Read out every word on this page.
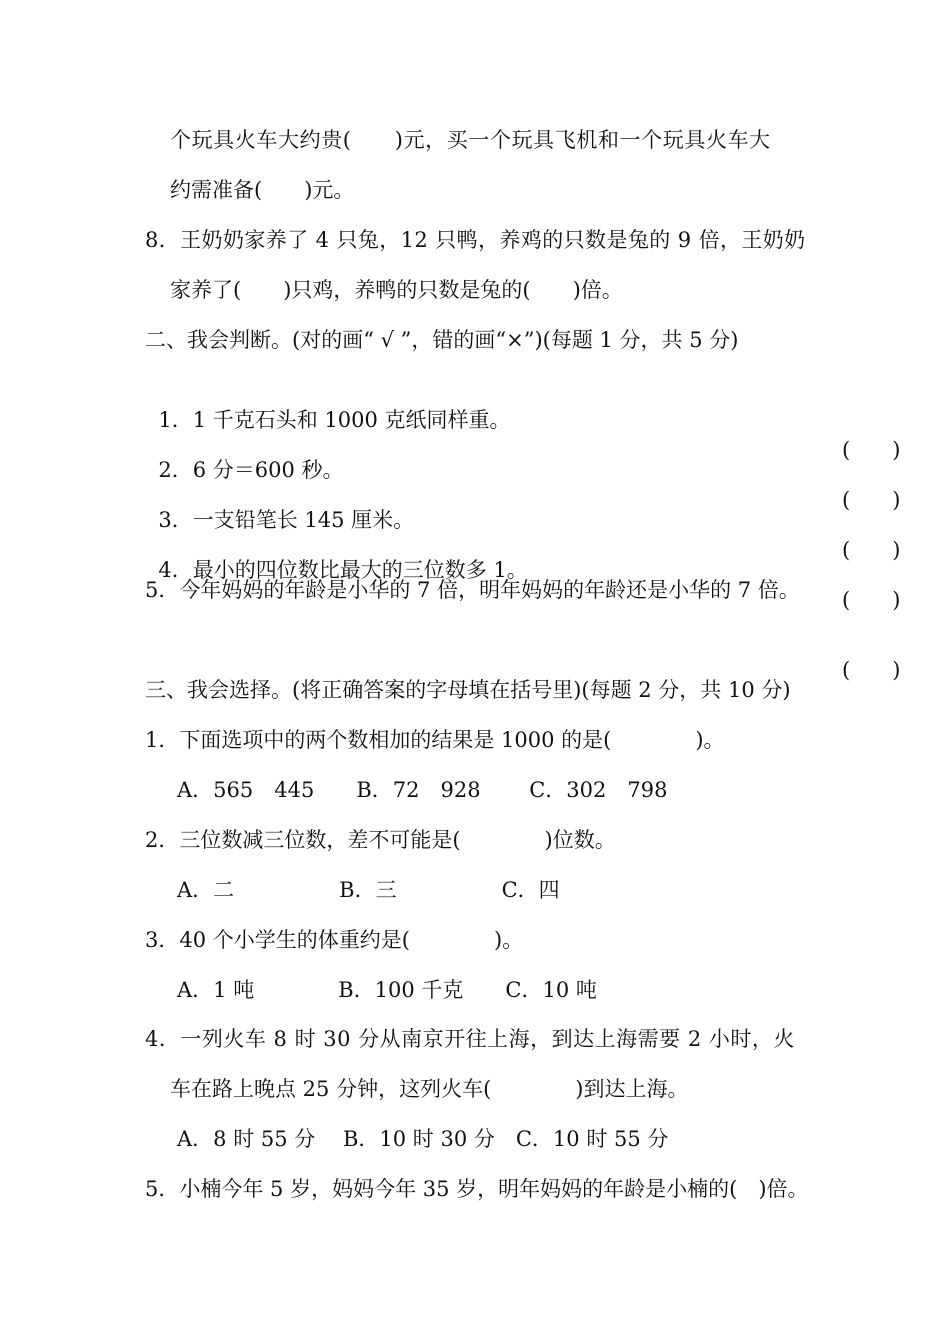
个玩具火车大约贵(　　)元，买一个玩具飞机和一个玩具火车大
约需准备(　　)元。
8．王奶奶家养了 4 只兔，12 只鸭，养鸡的只数是兔的 9 倍，王奶奶
家养了(　　)只鸡，养鸭的只数是兔的(　　)倍。
二、我会判断。(对的画“ √ ”，错的画“×”)(每题 1 分，共 5 分)

1．1 千克石头和 1000 克纸同样重。

(　　)

2．6 分＝600 秒。

(　　)

3．一支铅笔长 145 厘米。

(　　)

4．最小的四位数比最大的三位数多 1。

(　　)

5．今年妈妈的年龄是小华的 7 倍，明年妈妈的年龄还是小华的 7 倍。

(　　)

三、我会选择。(将正确答案的字母填在括号里)(每题 2 分，共 10 分)
1．下面选项中的两个数相加的结果是 1000 的是(　　　　)。
A．565　445　　B．72　928　　 C．302　798
2．三位数减三位数，差不可能是(　　　　)位数。
A．二　　　　　B．三　　　　　C．四
3．40 个小学生的体重约是(　　　　)。
A．1 吨　　　　B．100 千克　　C．10 吨
4．一列火车 8 时 30 分从南京开往上海，到达上海需要 2 小时，火
车在路上晚点 25 分钟，这列火车(　　　　)到达上海。
A．8 时 55 分　 B．10 时 30 分　C．10 时 55 分
5．小楠今年 5 岁，妈妈今年 35 岁，明年妈妈的年龄是小楠的(　)倍。
